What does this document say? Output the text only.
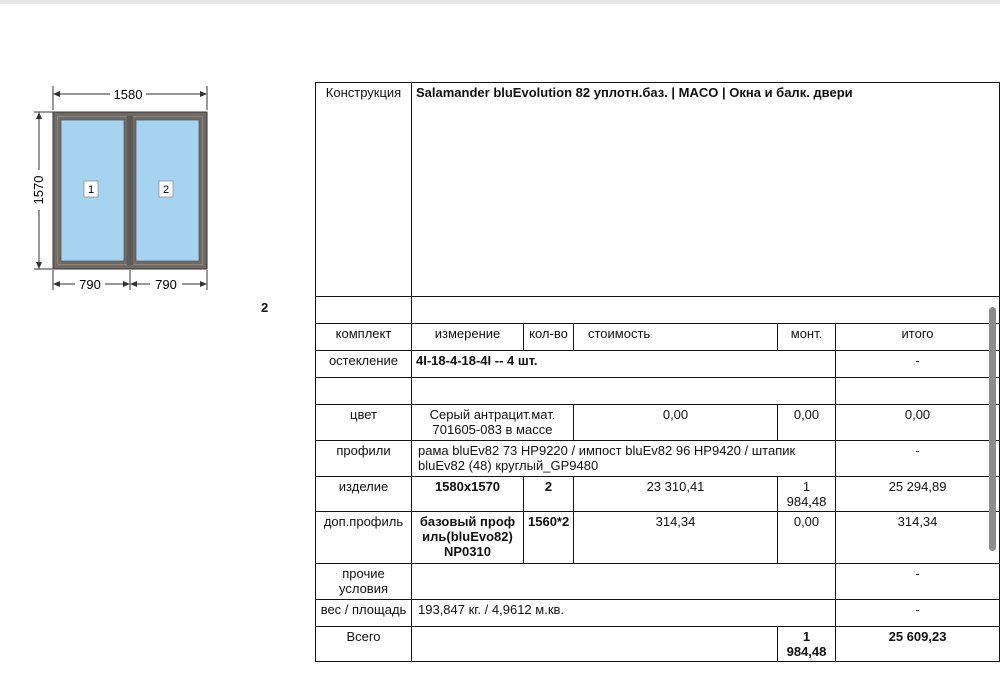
1580
1570	1	2
790	790
2
Конструкция	Salamander bluEvolution 82 уплотн.баз. | MACO | Окна и балк. двери				

комплект	измерение	кол-во	стоимость	монт.	итого
остекление	4I-18-4-18-4I -- 4 шт.				-

цвет	Серый антрацит.мат. 701605-083 в массе		0,00	0,00	0,00
профили	рама bluEv82 73 HP9220 / импост bluEv82 96 HP9420 / штапик bluEv82 (48) круглый_GP9480				-
изделие	1580x1570	2	23 310,41	1 984,48	25 294,89
доп.профиль	базовый профиль(bluEvo82) NP0310	1560*2	314,34	0,00	314,34
прочие условия					-
вес / площадь	193,847 кг. / 4,9612 м.кв.				-
Всего				1 984,48	25 609,23
